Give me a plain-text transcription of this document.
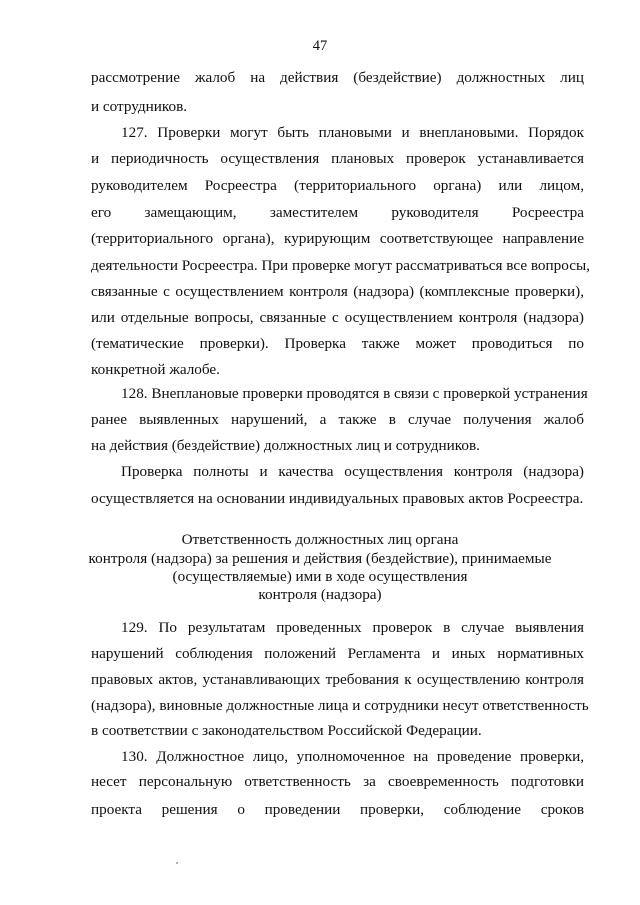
47
рассмотрение жалоб на действия (бездействие) должностных лиц
и сотрудников.
127. Проверки могут быть плановыми и внеплановыми. Порядок
и периодичность осуществления плановых проверок устанавливается
руководителем Росреестра (территориального органа) или лицом,
его замещающим, заместителем руководителя Росреестра
(территориального органа), курирующим соответствующее направление
деятельности Росреестра. При проверке могут рассматриваться все вопросы,
связанные с осуществлением контроля (надзора) (комплексные проверки),
или отдельные вопросы, связанные с осуществлением контроля (надзора)
(тематические проверки). Проверка также может проводиться по
конкретной жалобе.
128. Внеплановые проверки проводятся в связи с проверкой устранения
ранее выявленных нарушений, а также в случае получения жалоб
на действия (бездействие) должностных лиц и сотрудников.
Проверка полноты и качества осуществления контроля (надзора)
осуществляется на основании индивидуальных правовых актов Росреестра.
Ответственность должностных лиц органа
контроля (надзора) за решения и действия (бездействие), принимаемые
(осуществляемые) ими в ходе осуществления
контроля (надзора)
129. По результатам проведенных проверок в случае выявления
нарушений соблюдения положений Регламента и иных нормативных
правовых актов, устанавливающих требования к осуществлению контроля
(надзора), виновные должностные лица и сотрудники несут ответственность
в соответствии с законодательством Российской Федерации.
130. Должностное лицо, уполномоченное на проведение проверки,
несет персональную ответственность за своевременность подготовки
проекта решения о проведении проверки, соблюдение сроков
